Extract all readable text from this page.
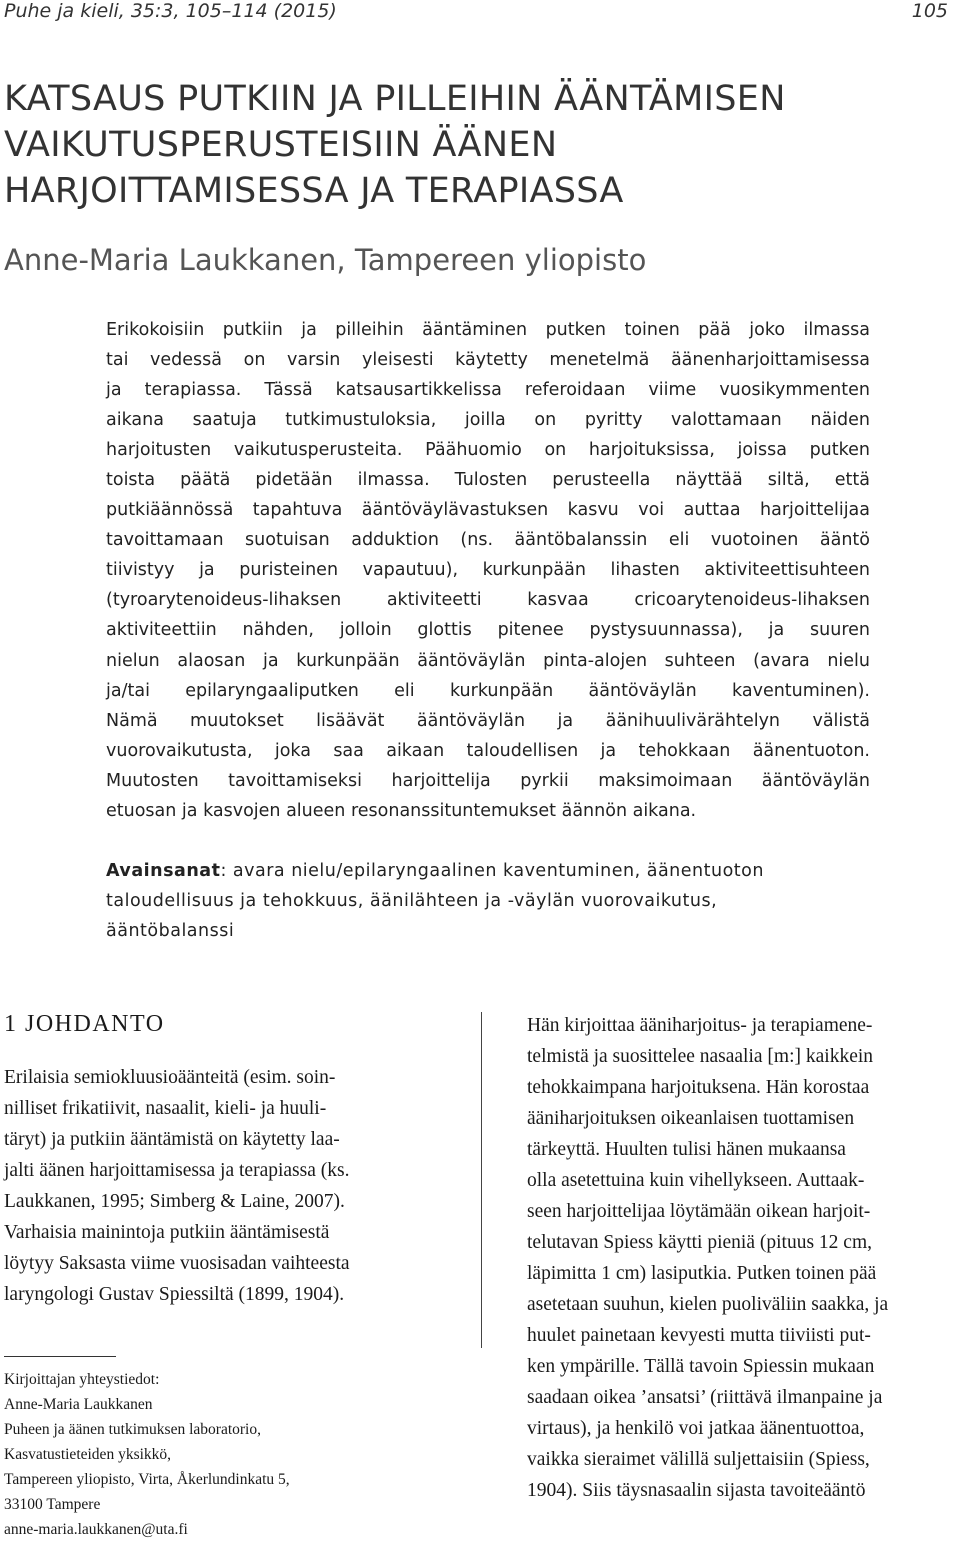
Puhe ja kieli, 35:3, 105–114 (2015)	105
KATSAUS PUTKIIN JA PILLEIHIN ÄÄNTÄMISEN
VAIKUTUSPERUSTEISIIN ÄÄNEN
HARJOITTAMISESSA JA TERAPIASSA
Anne-Maria Laukkanen, Tampereen yliopisto
Erikokoisiin putkiin ja pilleihin ääntäminen putken toinen pää joko ilmassa
tai vedessä on varsin yleisesti käytetty menetelmä äänenharjoittamisessa
ja terapiassa. Tässä katsausartikkelissa referoidaan viime vuosikymmenten
aikana saatuja tutkimustuloksia, joilla on pyritty valottamaan näiden
harjoitusten vaikutusperusteita. Päähuomio on harjoituksissa, joissa putken
toista päätä pidetään ilmassa. Tulosten perusteella näyttää siltä, että
putkiäännössä tapahtuva ääntöväylävastuksen kasvu voi auttaa harjoittelijaa
tavoittamaan suotuisan adduktion (ns. ääntöbalanssin eli vuotoinen ääntö
tiivistyy ja puristeinen vapautuu), kurkunpään lihasten aktiviteettisuhteen
(tyroarytenoideus-lihaksen aktiviteetti kasvaa cricoarytenoideus-lihaksen
aktiviteettiin nähden, jolloin glottis pitenee pystysuunnassa), ja suuren
nielun alaosan ja kurkunpään ääntöväylän pinta-alojen suhteen (avara nielu
ja/tai epilaryngaaliputken eli kurkunpään ääntöväylän kaventuminen).
Nämä muutokset lisäävät ääntöväylän ja äänihuulivärähtelyn välistä
vuorovaikutusta, joka saa aikaan taloudellisen ja tehokkaan äänentuoton.
Muutosten tavoittamiseksi harjoittelija pyrkii maksimoimaan ääntöväylän
etuosan ja kasvojen alueen resonanssituntemukset äännön aikana.
Avainsanat: avara nielu/epilaryngaalinen kaventuminen, äänentuoton
taloudellisuus ja tehokkuus, äänilähteen ja -väylän vuorovaikutus,
ääntöbalanssi
1 JOHDANTO
Erilaisia semiokluusioäänteitä (esim. soin-
nilliset frikatiivit, nasaalit, kieli- ja huuli-
täryt) ja putkiin ääntämistä on käytetty laa-
jalti äänen harjoittamisessa ja terapiassa (ks.
Laukkanen, 1995; Simberg & Laine, 2007).
Varhaisia mainintoja putkiin ääntämisestä
löytyy Saksasta viime vuosisadan vaihteesta
laryngologi Gustav Spiessiltä (1899, 1904).
Kirjoittajan yhteystiedot:
Anne-Maria Laukkanen
Puheen ja äänen tutkimuksen laboratorio,
Kasvatustieteiden yksikkö,
Tampereen yliopisto, Virta, Åkerlundinkatu 5,
33100 Tampere
anne-maria.laukkanen@uta.fi
Hän kirjoittaa ääniharjoitus- ja terapiamene-
telmistä ja suosittelee nasaalia [m:] kaikkein
tehokkaimpana harjoituksena. Hän korostaa
ääniharjoituksen oikeanlaisen tuottamisen
tärkeyttä. Huulten tulisi hänen mukaansa
olla asetettuina kuin vihellykseen. Auttaak-
seen harjoittelijaa löytämään oikean harjoit-
telutavan Spiess käytti pieniä (pituus 12 cm,
läpimitta 1 cm) lasiputkia. Putken toinen pää
asetetaan suuhun, kielen puoliväliin saakka, ja
huulet painetaan kevyesti mutta tiiviisti put-
ken ympärille. Tällä tavoin Spiessin mukaan
saadaan oikea ’ansatsi’ (riittävä ilmanpaine ja
virtaus), ja henkilö voi jatkaa äänentuottoa,
vaikka sieraimet välillä suljettaisiin (Spiess,
1904). Siis täysnasaalin sijasta tavoiteääntö
